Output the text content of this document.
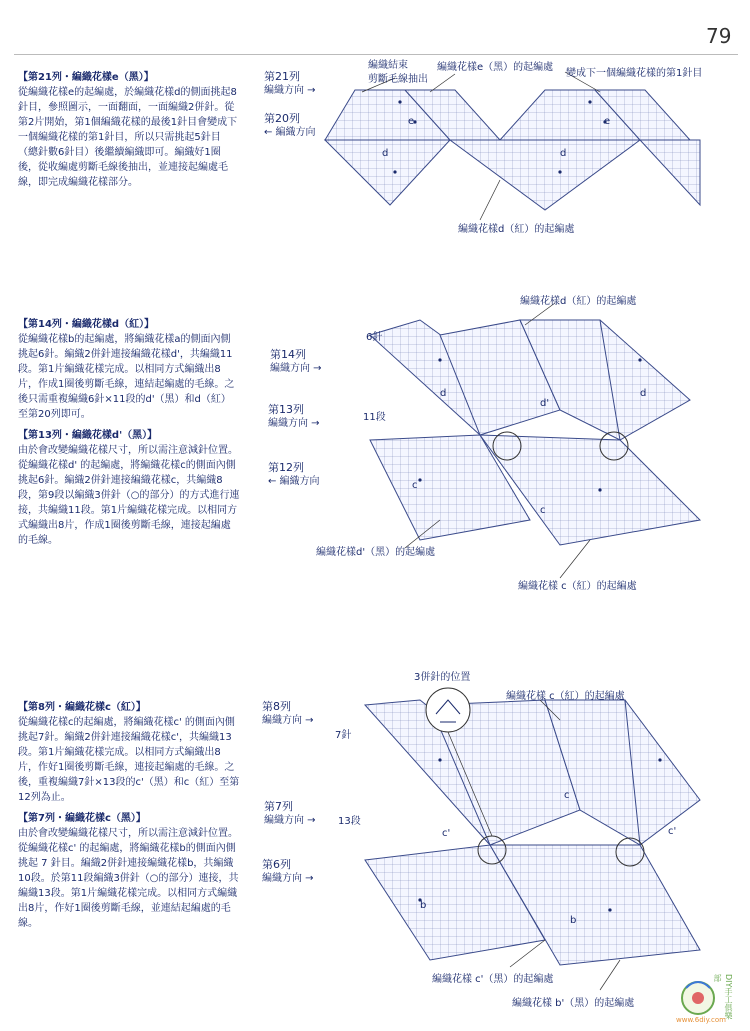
79

【第21列・編織花樣e（黑）】

從編織花樣e的起編處，於編織花樣d的側面挑起8針目，參照圖示，一面翻面，一面編織2併針。從第2片開始，第1個編織花樣的最後1針目會變成下一個編織花樣的第1針目，所以只需挑起5針目（總針數6針目）後繼續編織即可。編織好1圈後，從收編處剪斷毛線後抽出，並連接起編處毛線，即完成編織花樣部分。

【第14列・編織花樣d（紅）】

從編織花樣b的起編處，將編織花樣a的側面內側挑起6針。編織2併針連接編織花樣d'，共編織11段。第1片編織花樣完成。以相同方式編織出8片，作成1圈後剪斷毛線，連結起編處的毛線。之後只需重複編織6針×11段的d'（黑）和d（紅）至第20列即可。

【第13列・編織花樣d'（黑）】

由於會改變編織花樣尺寸，所以需注意減針位置。從編織花樣d' 的起編處，將編織花樣c的側面內側挑起6針。編織2併針連接編織花樣c，共編織8段，第9段以編織3併針（○的部分）的方式進行連接，共編織11段。第1片編織花樣完成。以相同方式編織出8片，作成1圈後剪斷毛線，連接起編處的毛線。

【第8列・編織花樣c（紅）】

從編織花樣c的起編處，將編織花樣c' 的側面內側挑起7針。編織2併針連接編織花樣c'，共編織13段。第1片編織花樣完成。以相同方式編織出8片，作好1圈後剪斷毛線，連接起編處的毛線。之後，重複編織7針×13段的c'（黑）和c（紅）至第12列為止。

【第7列・編織花樣c（黑）】

由於會改變編織花樣尺寸，所以需注意減針位置。從編織花樣c' 的起編處，將編織花樣b的側面內側挑起 7 針目。編織2併針連接編織花樣b，共編織10段。於第11段編織3併針（○的部分）連接，共編織13段。第1片編織花樣完成。以相同方式編織出8片，作好1圈後剪斷毛線，並連結起編處的毛線。

第21列
編織方向 →
第20列
← 編織方向
編織結束
剪斷毛線抽出
編織花樣e（黑）的起編處
變成下一個編織花樣的第1針目
編織花樣d（紅）的起編處
e	e
d	d
第14列
編織方向 →
第13列
編織方向 →
第12列
← 編織方向
編織花樣d（紅）的起編處
編織花樣d'（黑）的起編處
編織花樣 c（紅）的起編處
6針
11段
d	d
d'
c
c
第8列
編織方向 →
第7列
編織方向 →
第6列
編織方向 →
3併針的位置
編織花樣 c（紅）的起編處
編織花樣 c'（黑）的起編處
編織花樣 b'（黑）的起編處
7針
13段
c'	c'
c
b
b
DIY手工俱樂部
www.6diy.com
